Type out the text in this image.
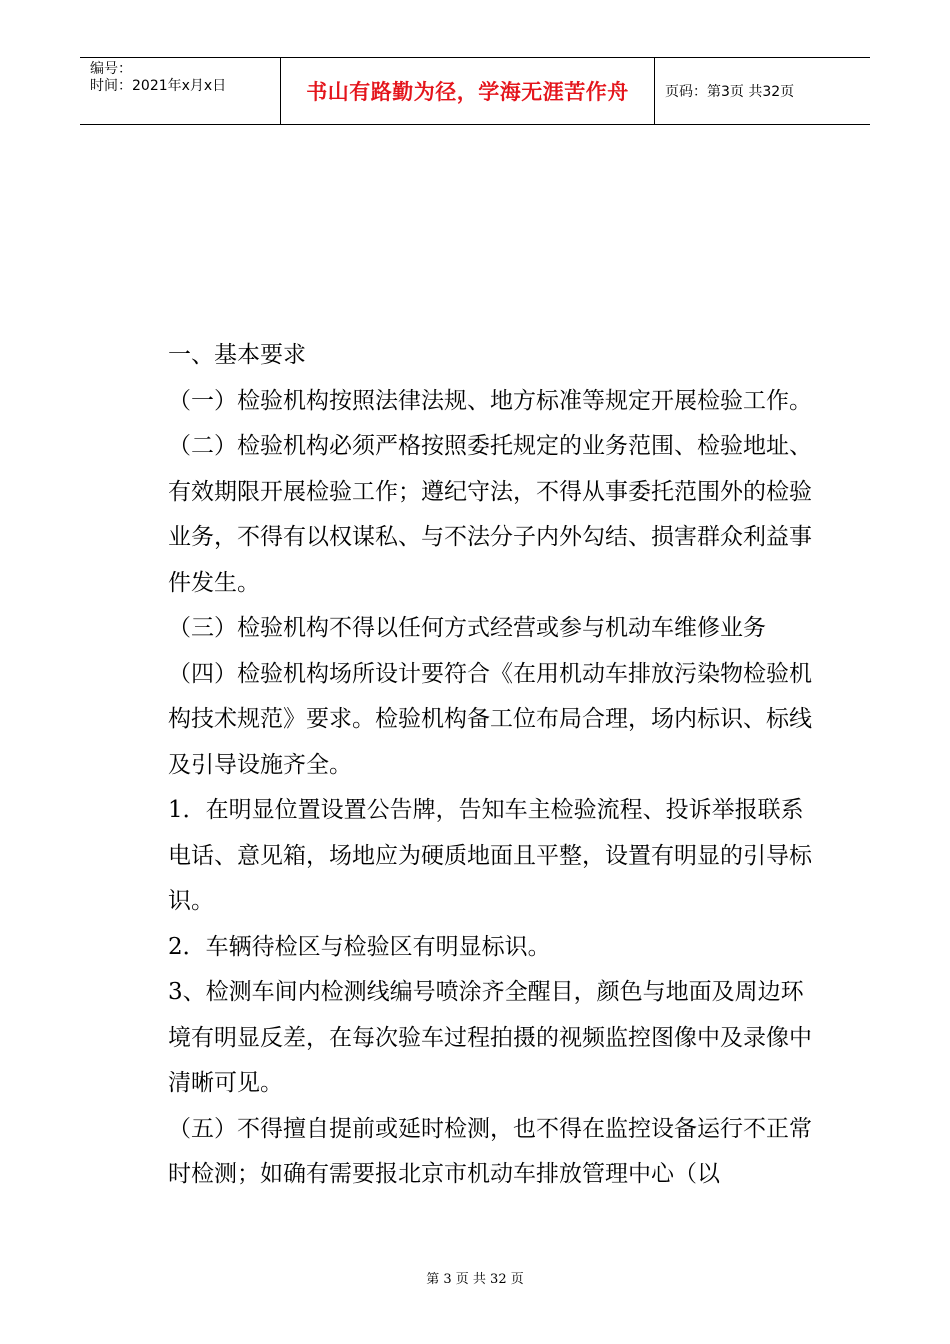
编号：
时间：2021年x月x日	书山有路勤为径，学海无涯苦作舟	页码：第3页 共32页

一、基本要求

（一）检验机构按照法律法规、地方标准等规定开展检验工作。

（二）检验机构必须严格按照委托规定的业务范围、检验地址、有效期限开展检验工作；遵纪守法，不得从事委托范围外的检验业务，不得有以权谋私、与不法分子内外勾结、损害群众利益事件发生。

（三）检验机构不得以任何方式经营或参与机动车维修业务

（四）检验机构场所设计要符合《在用机动车排放污染物检验机构技术规范》要求。检验机构备工位布局合理，场内标识、标线及引导设施齐全。

1．在明显位置设置公告牌，告知车主检验流程、投诉举报联系电话、意见箱，场地应为硬质地面且平整，设置有明显的引导标识。

2．车辆待检区与检验区有明显标识。

3、检测车间内检测线编号喷涂齐全醒目，颜色与地面及周边环境有明显反差，在每次验车过程拍摄的视频监控图像中及录像中清晰可见。

（五）不得擅自提前或延时检测，也不得在监控设备运行不正常时检测；如确有需要报北京市机动车排放管理中心（以

第 3 页 共 32 页
